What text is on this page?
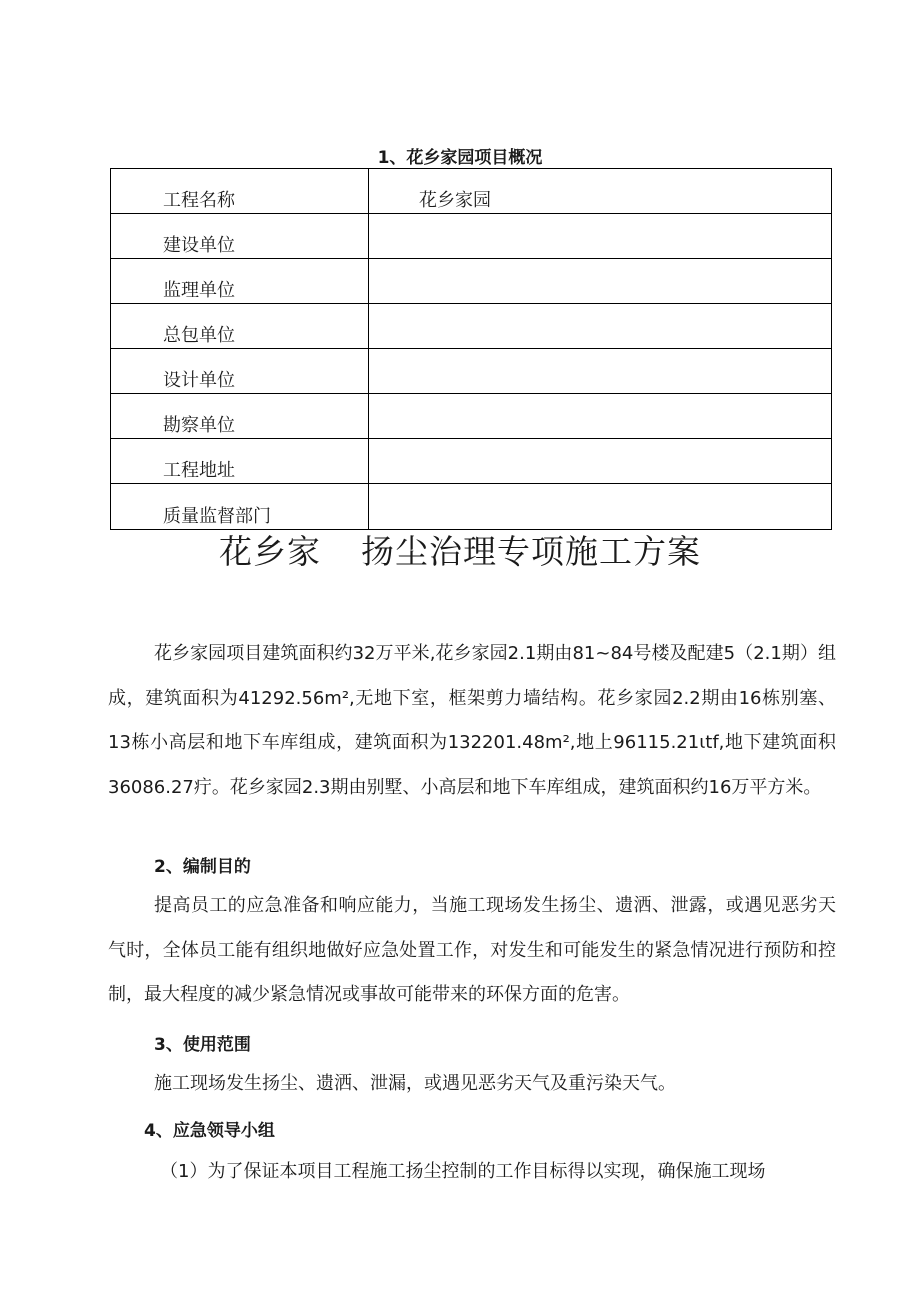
1、花乡家园项目概况
工程名称	花乡家园
建设单位	
监理单位	
总包单位	
设计单位	
勘察单位	
工程地址	
质量监督部门	
花乡家 扬尘治理专项施工方案

花乡家园项目建筑面积约32万平米,花乡家园2.1期由81~84号楼及配建5（2.1期）组成，建筑面积为41292.56m²,无地下室，框架剪力墙结构。花乡家园2.2期由16栋别塞、13栋小高层和地下车库组成，建筑面积为132201.48m²,地上96115.21ιtf,地下建筑面积36086.27疔。花乡家园2.3期由别墅、小高层和地下车库组成，建筑面积约16万平方米。

2、编制目的

提高员工的应急准备和响应能力，当施工现场发生扬尘、遗洒、泄露，或遇见恶劣天气时，全体员工能有组织地做好应急处置工作，对发生和可能发生的紧急情况进行预防和控制，最大程度的减少紧急情况或事故可能带来的环保方面的危害。

3、使用范围

施工现场发生扬尘、遗洒、泄漏，或遇见恶劣天气及重污染天气。

4、应急领导小组

（1）为了保证本项目工程施工扬尘控制的工作目标得以实现，确保施工现场
